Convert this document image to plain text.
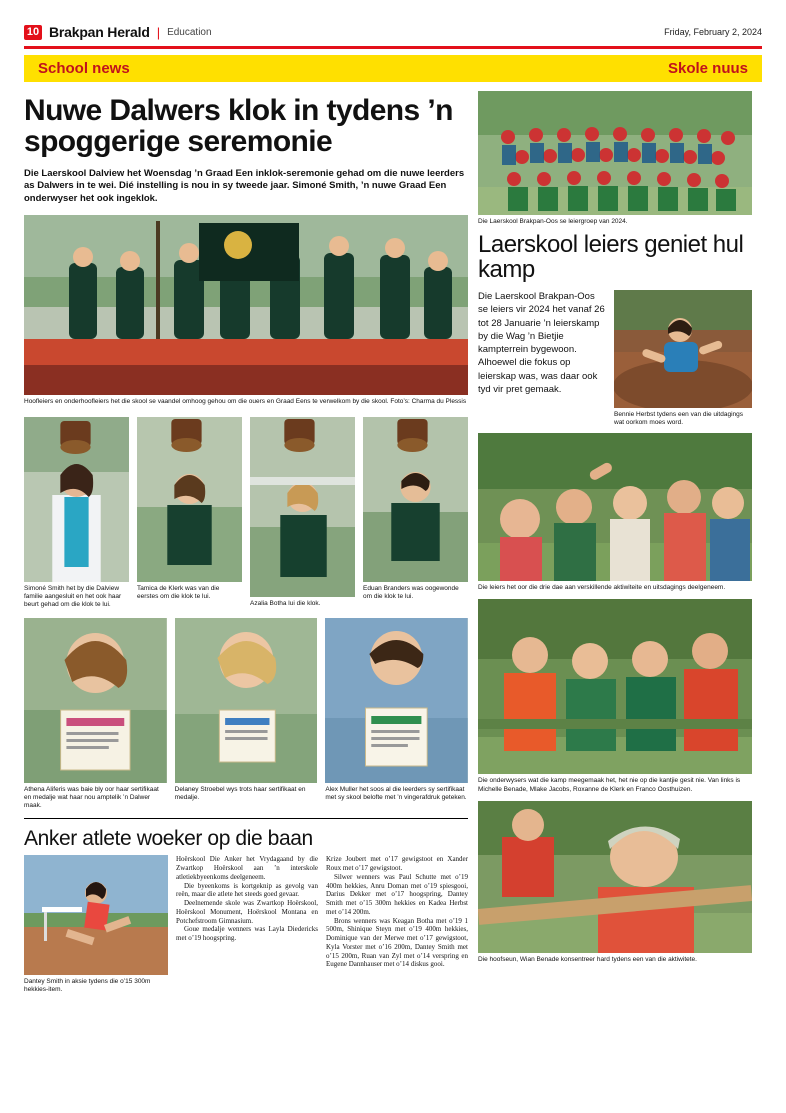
10 Brakpan Herald | Education	Friday, February 2, 2024
School news	Skole nuus
Nuwe Dalwers klok in tydens ’n spoggerige seremonie

Die Laerskool Dalview het Woensdag ’n Graad Een inklok-seremonie gehad om die nuwe leerders as Dalwers in te wei. Dié instelling is nou in sy tweede jaar. Simoné Smith, ’n nuwe Graad Een onderwyser het ook ingeklok.

Hoofleiers en onderhoofleiers het die skool se vaandel omhoog gehou om die ouers en Graad Eens te verwelkom by die skool. Foto’s: Charma du Plessis
Simoné Smith het by die Dalview familie aangesluit en het ook haar beurt gehad om die klok te lui.
Tamica de Klerk was van die eerstes om die klok te lui.
Azalia Botha lui die klok.
Eduan Branders was oogewonde om die klok te lui.
Athena Aliferis was baie bly oor haar sertifikaat en medalje wat haar nou amptelik ’n Dalwer maak.
Delaney Stroebel wys trots haar sertifikaat en medalje.
Alex Muller het soos al die leerders sy sertifikaat met sy skool belofte met ’n vingerafdruk geteken.
Anker atlete woeker op die baan
Dantey Smith in aksie tydens die o’15 300m hekkies-item.

Hoërskool Die Anker het Vrydagaand by die Zwartkop Hoërskool aan ’n interskole atletiekbyeenkoms deelgeneem.

Die byeenkoms is kortgeknip as gevolg van reën, maar die atlete het steeds goed gevaar.

Deelnemende skole was Zwartkop Hoërskool, Hoërskool Monument, Hoërskool Montana en Potchefstroom Gimnasium.

Goue medalje wenners was Layla Diedericks met o’19 hoogspring.

Krize Joubert met o’17 gewigstoot en Xander Roux met o’17 gewigstoot.

Silwer wenners was Paul Schutte met o’19 400m hekkies, Anru Doman met o’19 spiesgooi, Darius Dekker met o’17 hoogspring, Dantey Smith met o’15 300m hekkies en Kadea Herbst met o’14 200m.

Brons wenners was Keagan Botha met o’19 1 500m, Shinique Steyn met o’19 400m hekkies, Dominique van der Merwe met o’17 gewigstoot, Kyla Vorster met o’16 200m, Dantey Smith met o’15 200m, Ruan van Zyl met o’14 verspring en Eugene Dannhauser met o’14 diskus gooi.

Die Laerskool Brakpan-Oos se leiergroep van 2024.
Laerskool leiers geniet hul kamp
Die Laerskool Brakpan-Oos se leiers vir 2024 het vanaf 26 tot 28 Januarie ’n leierskamp by die Wag ’n Bietjie kampterrein bygewoon. Alhoewel die fokus op leierskap was, was daar ook tyd vir pret gemaak.
Bennie Herbst tydens een van die uitdagings wat oorkom moes word.
Die leiers het oor die drie dae aan verskillende aktiwiteite en uitsdagings deelgeneem.
Die onderwysers wat die kamp meegemaak het, het nie op die kantjie gesit nie. Van links is Michelle Benade, Mlake Jacobs, Roxanne de Klerk en Franco Oosthuizen.
Die hoofseun, Wian Benade konsentreer hard tydens een van die aktiwitete.
